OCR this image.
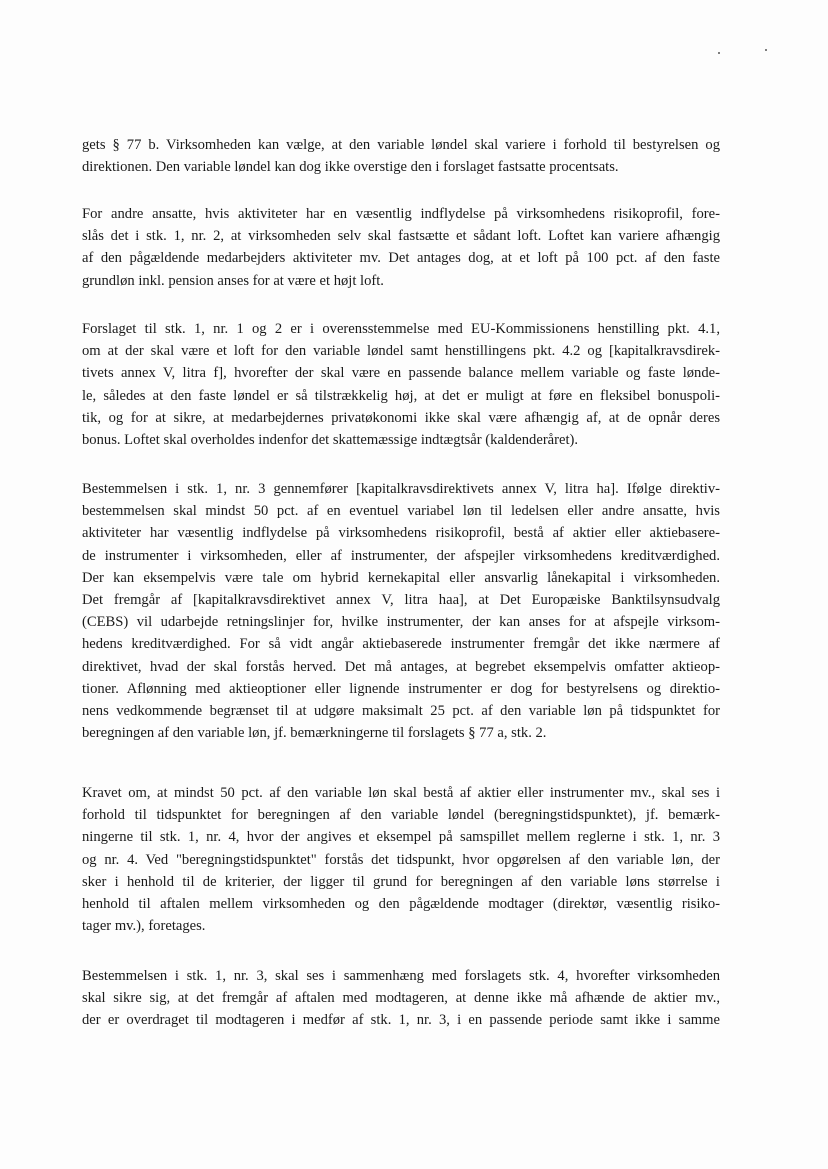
gets § 77 b. Virksomheden kan vælge, at den variable løndel skal variere i forhold til bestyrelsen og
direktionen. Den variable løndel kan dog ikke overstige den i forslaget fastsatte procentsats.
For andre ansatte, hvis aktiviteter har en væsentlig indflydelse på virksomhedens risikoprofil, fore-
slås det i stk. 1, nr. 2, at virksomheden selv skal fastsætte et sådant loft. Loftet kan variere afhængig
af den pågældende medarbejders aktiviteter mv. Det antages dog, at et loft på 100 pct. af den faste
grundløn inkl. pension anses for at være et højt loft.
Forslaget til stk. 1, nr. 1 og 2 er i overensstemmelse med EU-Kommissionens henstilling pkt. 4.1,
om at der skal være et loft for den variable løndel samt henstillingens pkt. 4.2 og [kapitalkravsdirek-
tivets annex V, litra f], hvorefter der skal være en passende balance mellem variable og faste lønde-
le, således at den faste løndel er så tilstrækkelig høj, at det er muligt at føre en fleksibel bonuspoli-
tik, og for at sikre, at medarbejdernes privatøkonomi ikke skal være afhængig af, at de opnår deres
bonus. Loftet skal overholdes indenfor det skattemæssige indtægtsår (kaldenderåret).
Bestemmelsen i stk. 1, nr. 3 gennemfører [kapitalkravsdirektivets annex V, litra ha]. Ifølge direktiv-
bestemmelsen skal mindst 50 pct. af en eventuel variabel løn til ledelsen eller andre ansatte, hvis
aktiviteter har væsentlig indflydelse på virksomhedens risikoprofil, bestå af aktier eller aktiebasere-
de instrumenter i virksomheden, eller af instrumenter, der afspejler virksomhedens kreditværdighed.
Der kan eksempelvis være tale om hybrid kernekapital eller ansvarlig lånekapital i virksomheden.
Det fremgår af [kapitalkravsdirektivet annex V, litra haa], at Det Europæiske Banktilsynsudvalg
(CEBS) vil udarbejde retningslinjer for, hvilke instrumenter, der kan anses for at afspejle virksom-
hedens kreditværdighed. For så vidt angår aktiebaserede instrumenter fremgår det ikke nærmere af
direktivet, hvad der skal forstås herved. Det må antages, at begrebet eksempelvis omfatter aktieop-
tioner. Aflønning med aktieoptioner eller lignende instrumenter er dog for bestyrelsens og direktio-
nens vedkommende begrænset til at udgøre maksimalt 25 pct. af den variable løn på tidspunktet for
beregningen af den variable løn, jf. bemærkningerne til forslagets § 77 a, stk. 2.
Kravet om, at mindst 50 pct. af den variable løn skal bestå af aktier eller instrumenter mv., skal ses i
forhold til tidspunktet for beregningen af den variable løndel (beregningstidspunktet), jf. bemærk-
ningerne til stk. 1, nr. 4, hvor der angives et eksempel på samspillet mellem reglerne i stk. 1, nr. 3
og nr. 4. Ved "beregningstidspunktet" forstås det tidspunkt, hvor opgørelsen af den variable løn, der
sker i henhold til de kriterier, der ligger til grund for beregningen af den variable løns størrelse i
henhold til aftalen mellem virksomheden og den pågældende modtager (direktør, væsentlig risiko-
tager mv.), foretages.
Bestemmelsen i stk. 1, nr. 3, skal ses i sammenhæng med forslagets stk. 4, hvorefter virksomheden
skal sikre sig, at det fremgår af aftalen med modtageren, at denne ikke må afhænde de aktier mv.,
der er overdraget til modtageren i medfør af stk. 1, nr. 3, i en passende periode samt ikke i samme
